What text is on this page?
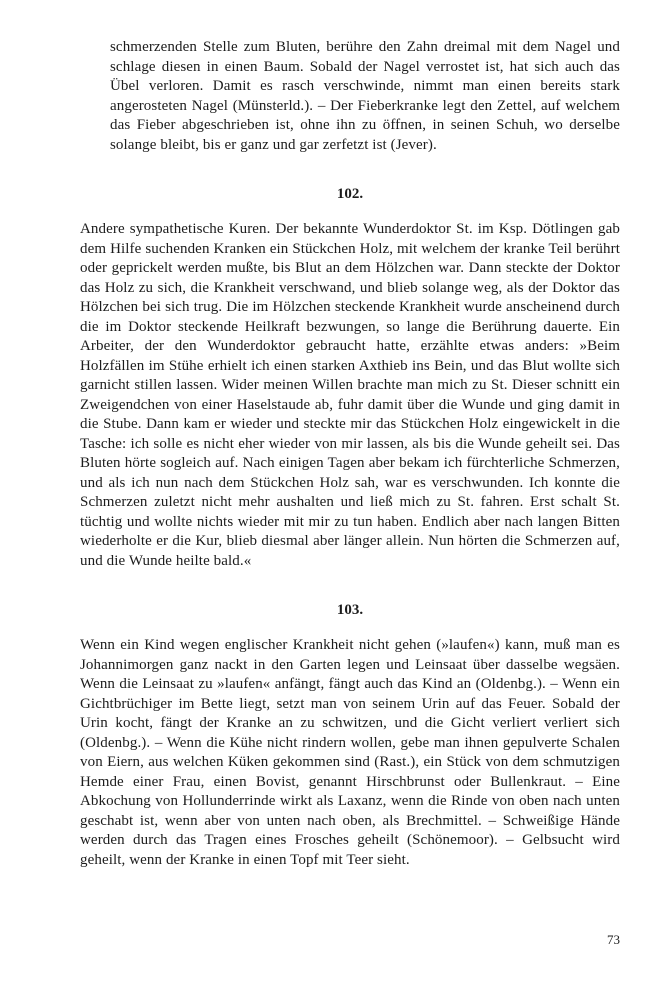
schmerzenden Stelle zum Bluten, berühre den Zahn dreimal mit dem Nagel und schlage diesen in einen Baum. Sobald der Nagel verrostet ist, hat sich auch das Übel verloren. Damit es rasch verschwinde, nimmt man einen bereits stark angerosteten Nagel (Münsterld.). – Der Fieberkranke legt den Zettel, auf welchem das Fieber abgeschrieben ist, ohne ihn zu öffnen, in seinen Schuh, wo derselbe solange bleibt, bis er ganz und gar zerfetzt ist (Jever).

102.

Andere sympathetische Kuren. Der bekannte Wunderdoktor St. im Ksp. Dötlingen gab dem Hilfe suchenden Kranken ein Stückchen Holz, mit welchem der kranke Teil berührt oder geprickelt werden mußte, bis Blut an dem Hölzchen war. Dann steckte der Doktor das Holz zu sich, die Krankheit verschwand, und blieb solange weg, als der Doktor das Hölzchen bei sich trug. Die im Hölzchen steckende Krankheit wurde anscheinend durch die im Doktor steckende Heilkraft bezwungen, so lange die Berührung dauerte. Ein Arbeiter, der den Wunderdoktor gebraucht hatte, erzählte etwas anders: »Beim Holzfällen im Stühe erhielt ich einen starken Axthieb ins Bein, und das Blut wollte sich garnicht stillen lassen. Wider meinen Willen brachte man mich zu St. Dieser schnitt ein Zweigendchen von einer Haselstaude ab, fuhr damit über die Wunde und ging damit in die Stube. Dann kam er wieder und steckte mir das Stückchen Holz eingewickelt in die Tasche: ich solle es nicht eher wieder von mir lassen, als bis die Wunde geheilt sei. Das Bluten hörte sogleich auf. Nach einigen Tagen aber bekam ich fürchterliche Schmerzen, und als ich nun nach dem Stückchen Holz sah, war es verschwunden. Ich konnte die Schmerzen zuletzt nicht mehr aushalten und ließ mich zu St. fahren. Erst schalt St. tüchtig und wollte nichts wieder mit mir zu tun haben. Endlich aber nach langen Bitten wiederholte er die Kur, blieb diesmal aber länger allein. Nun hörten die Schmerzen auf, und die Wunde heilte bald.«

103.

Wenn ein Kind wegen englischer Krankheit nicht gehen (»laufen«) kann, muß man es Johannimorgen ganz nackt in den Garten legen und Leinsaat über dasselbe wegsäen. Wenn die Leinsaat zu »laufen« anfängt, fängt auch das Kind an (Oldenbg.). – Wenn ein Gichtbrüchiger im Bette liegt, setzt man von seinem Urin auf das Feuer. Sobald der Urin kocht, fängt der Kranke an zu schwitzen, und die Gicht verliert verliert sich (Oldenbg.). – Wenn die Kühe nicht rindern wollen, gebe man ihnen gepulverte Schalen von Eiern, aus welchen Küken gekommen sind (Rast.), ein Stück von dem schmutzigen Hemde einer Frau, einen Bovist, genannt Hirschbrunst oder Bullenkraut. – Eine Abkochung von Hollunderrinde wirkt als Laxanz, wenn die Rinde von oben nach unten geschabt ist, wenn aber von unten nach oben, als Brechmittel. – Schweißige Hände werden durch das Tragen eines Frosches geheilt (Schönemoor). – Gelbsucht wird geheilt, wenn der Kranke in einen Topf mit Teer sieht.

73
